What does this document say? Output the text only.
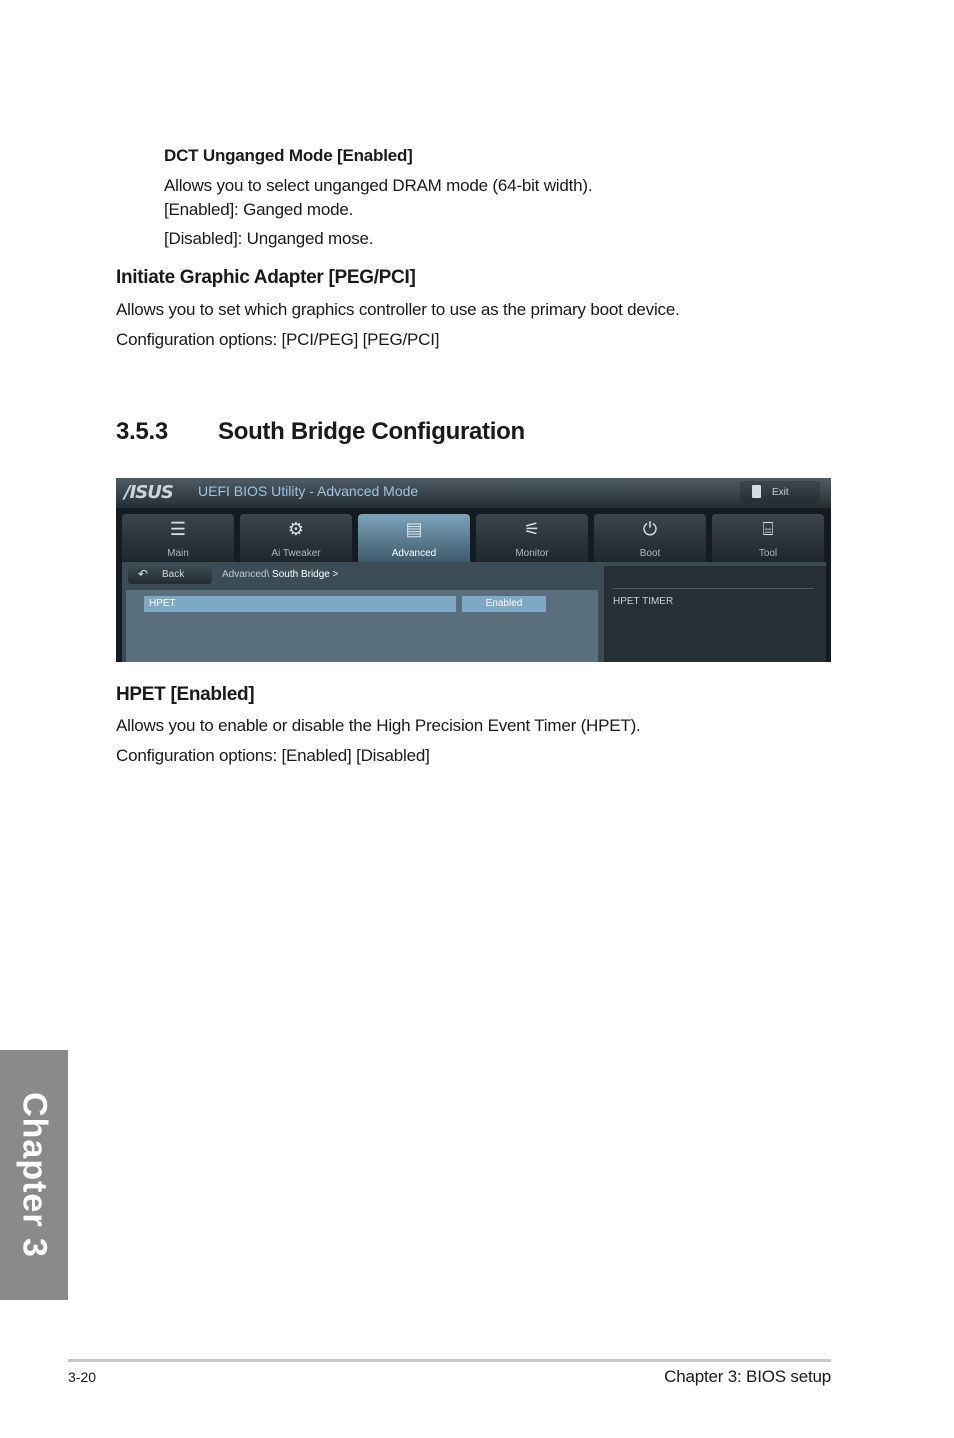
DCT Unganged Mode [Enabled]
Allows you to select unganged DRAM mode (64-bit width).
[Enabled]: Ganged mode.
[Disabled]: Unganged mose.
Initiate Graphic Adapter [PEG/PCI]
Allows you to set which graphics controller to use as the primary boot device.
Configuration options: [PCI/PEG] [PEG/PCI]
3.5.3 South Bridge Configuration
/ISUS UEFI BIOS Utility - Advanced Mode	Exit
☰
Main
⚙
Ai Tweaker
▤
Advanced
⚟
Monitor
⏻
Boot
⌸
Tool
↶ Back	Advanced\ South Bridge >
HPET	Enabled	HPET TIMER
HPET [Enabled]
Allows you to enable or disable the High Precision Event Timer (HPET).
Configuration options: [Enabled] [Disabled]
Chapter 3
3-20	Chapter 3: BIOS setup
